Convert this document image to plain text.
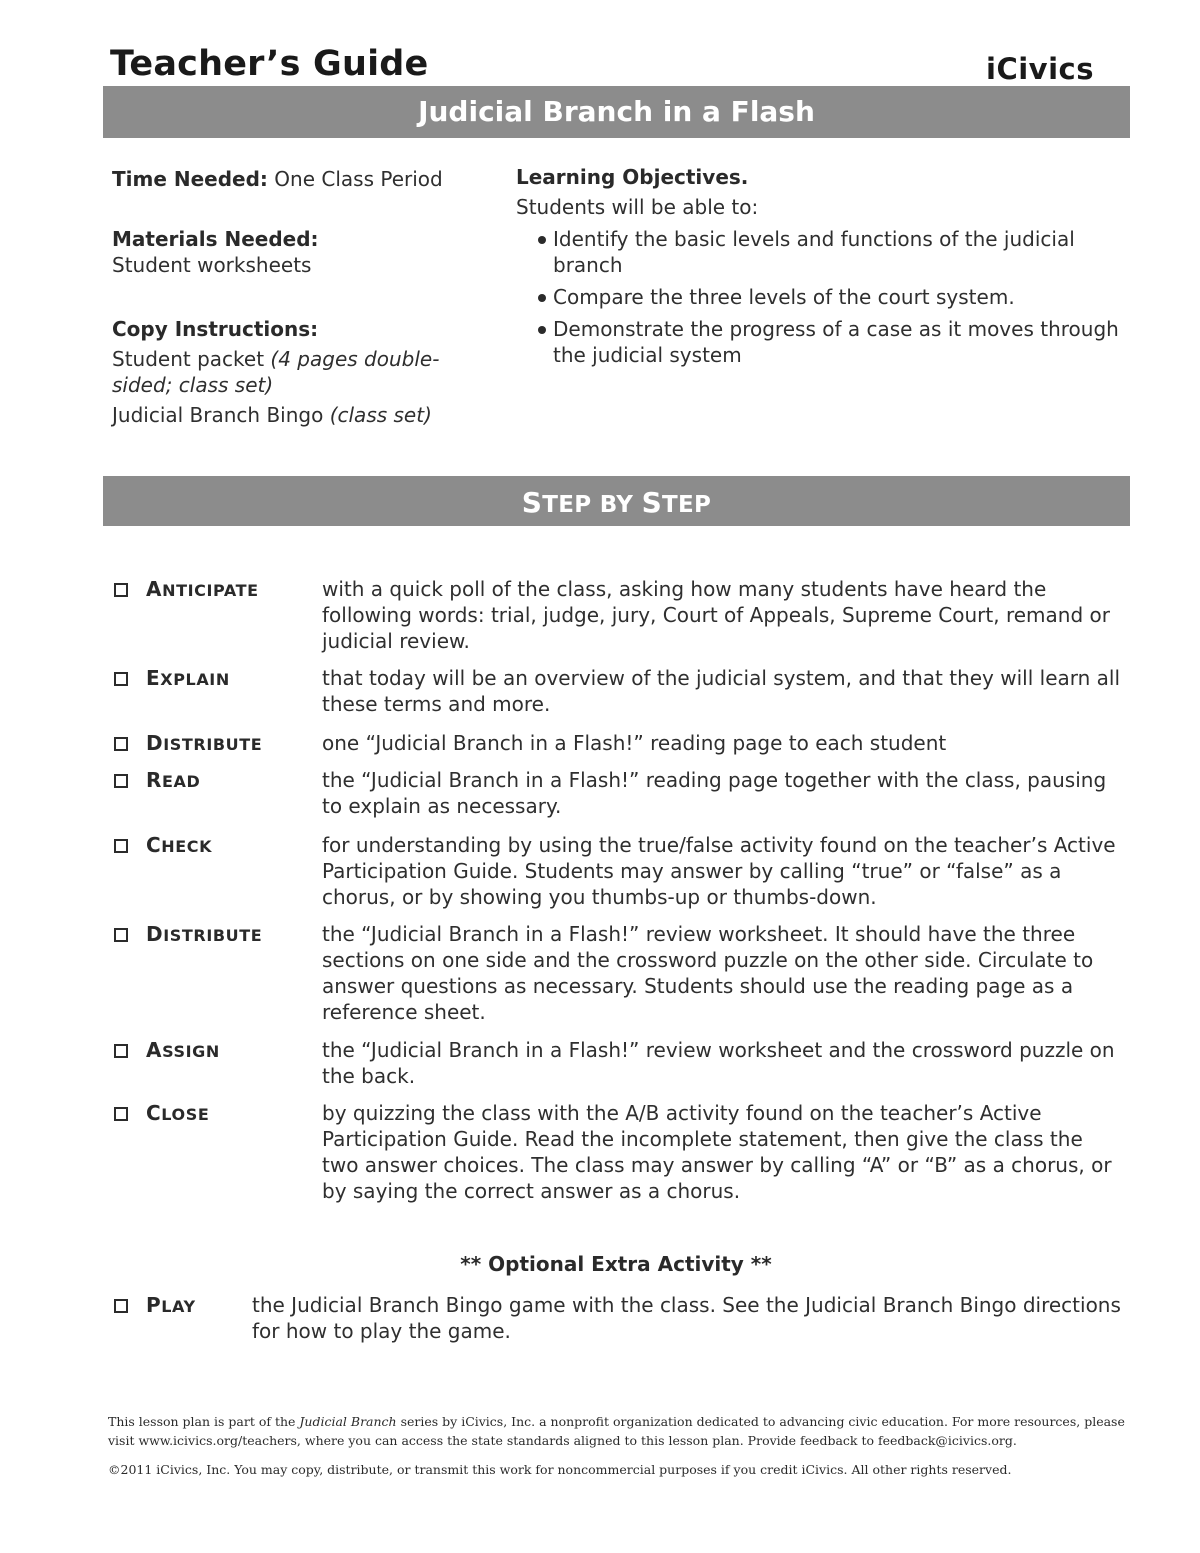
Teacher’s Guide	iCivics
Judicial Branch in a Flash
Time Needed: One Class Period
Materials Needed:
Student worksheets
Copy Instructions:
Student packet (4 pages double-sided; class set)
Judicial Branch Bingo (class set)
Learning Objectives.
Students will be able to:
Identify the basic levels and functions of the judicial branch
Compare the three levels of the court system.
Demonstrate the progress of a case as it moves through the judicial system
STEP BY STEP
ANTICIPATE	with a quick poll of the class, asking how many students have heard the following words: trial, judge, jury, Court of Appeals, Supreme Court, remand or judicial review.
EXPLAIN	that today will be an overview of the judicial system, and that they will learn all these terms and more.
DISTRIBUTE	one “Judicial Branch in a Flash!” reading page to each student
READ	the “Judicial Branch in a Flash!” reading page together with the class, pausing to explain as necessary.
CHECK	for understanding by using the true/false activity found on the teacher’s Active Participation Guide. Students may answer by calling “true” or “false” as a chorus, or by showing you thumbs-up or thumbs-down.
DISTRIBUTE	the “Judicial Branch in a Flash!” review worksheet. It should have the three sections on one side and the crossword puzzle on the other side. Circulate to answer questions as necessary. Students should use the reading page as a reference sheet.
ASSIGN	the “Judicial Branch in a Flash!” review worksheet and the crossword puzzle on the back.
CLOSE	by quizzing the class with the A/B activity found on the teacher’s Active Participation Guide. Read the incomplete statement, then give the class the two answer choices. The class may answer by calling “A” or “B” as a chorus, or by saying the correct answer as a chorus.
** Optional Extra Activity **
PLAY	the Judicial Branch Bingo game with the class. See the Judicial Branch Bingo directions for how to play the game.
This lesson plan is part of the Judicial Branch series by iCivics, Inc. a nonprofit organization dedicated to advancing civic education. For more resources, please visit www.icivics.org/teachers, where you can access the state standards aligned to this lesson plan. Provide feedback to feedback@icivics.org.
©2011 iCivics, Inc. You may copy, distribute, or transmit this work for noncommercial purposes if you credit iCivics. All other rights reserved.
